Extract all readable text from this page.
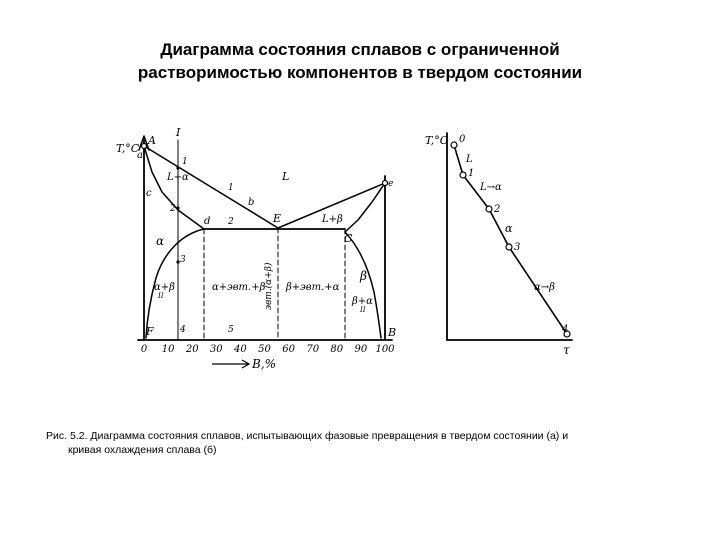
Диаграмма состояния сплавов с ограниченной
растворимостью компонентов в твердом состоянии
T,°C
I
A
a
e
B
F
c
d
b
E
C
1
1
2
2
3
4	5
L
L+α
L+β
α
β
α+β
II
α+эвт.+β β+эвт.+α
β+α
II
эвт.(α+β)
B,%
0 10 20 30 40 50 60 70 80 90 100
T,°C 0
1
2
3
4
L
L→α
α
α→β
τ
Рис. 5.2. Диаграмма состояния сплавов, испытывающих фазовые превращения в твердом состоянии (а) и
кривая охлаждения сплава (б)
